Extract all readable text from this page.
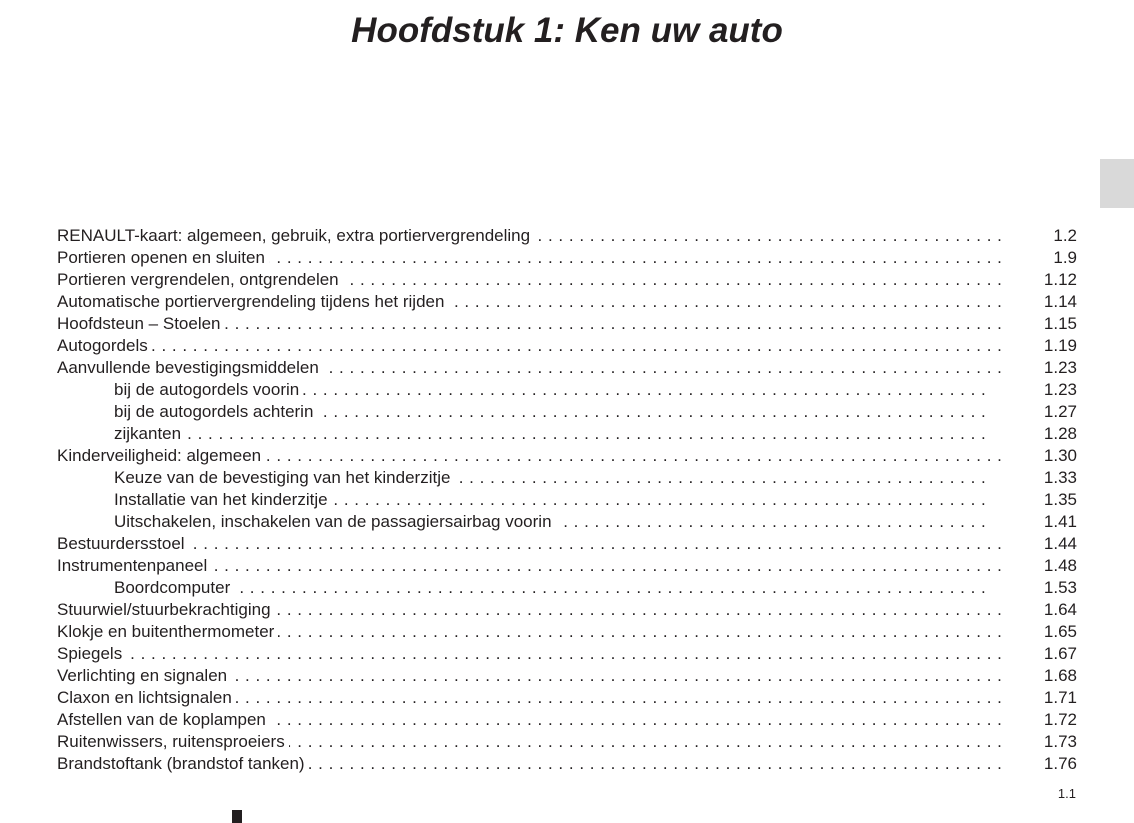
Hoofdstuk 1: Ken uw auto
RENAULT-kaart: algemeen, gebruik, extra portiervergrendeling . . .	1.2
Portieren openen en sluiten . . .	1.9
Portieren vergrendelen, ontgrendelen . . .	1.12
Automatische portiervergrendeling tijdens het rijden . . .	1.14
Hoofdsteun – Stoelen . . .	1.15
Autogordels . . .	1.19
Aanvullende bevestigingsmiddelen . . .	1.23
bij de autogordels voorin . . .	1.23
bij de autogordels achterin . . .	1.27
zijkanten . . .	1.28
Kinderveiligheid: algemeen . . .	1.30
Keuze van de bevestiging van het kinderzitje . . .	1.33
Installatie van het kinderzitje . . .	1.35
Uitschakelen, inschakelen van de passagiersairbag voorin . . .	1.41
Bestuurdersstoel . . .	1.44
Instrumentenpaneel . . .	1.48
Boordcomputer . . .	1.53
Stuurwiel/stuurbekrachtiging . . .	1.64
Klokje en buitenthermometer . . .	1.65
Spiegels . . .	1.67
Verlichting en signalen . . .	1.68
Claxon en lichtsignalen . . .	1.71
Afstellen van de koplampen . . .	1.72
Ruitenwissers, ruitensproeiers . . .	1.73
Brandstoftank (brandstof tanken) . . .	1.76
1.1
